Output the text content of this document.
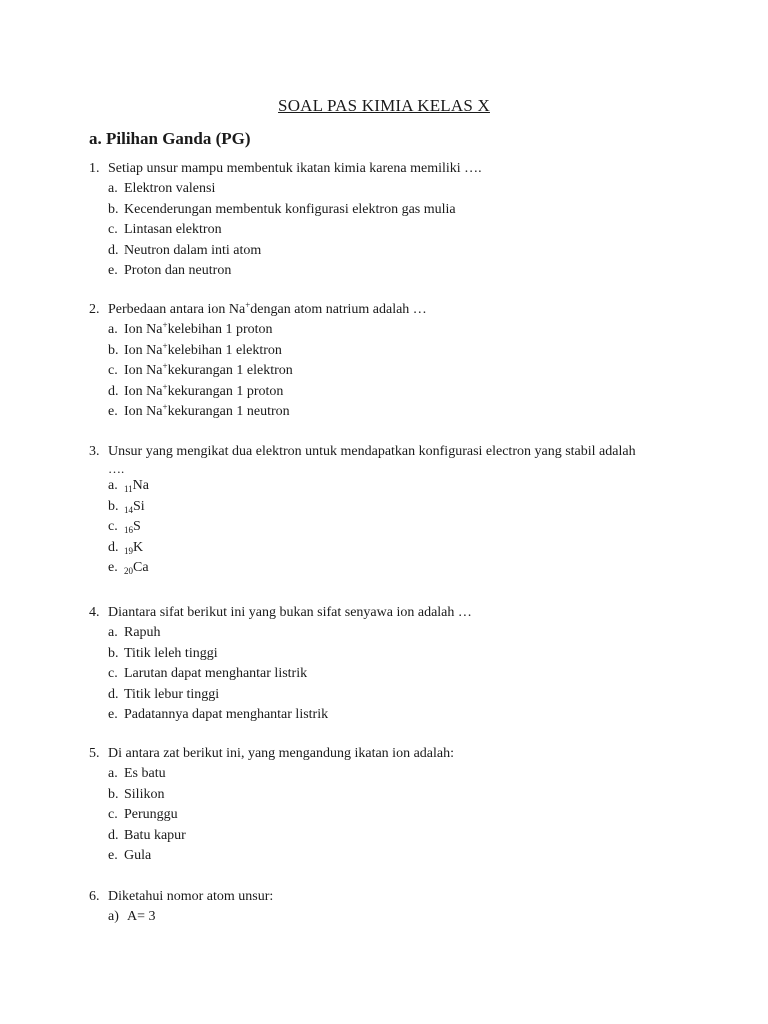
SOAL PAS KIMIA KELAS X
a. Pilihan Ganda (PG)
1. Setiap unsur mampu membentuk ikatan kimia karena memiliki ….
a. Elektron valensi
b. Kecenderungan membentuk konfigurasi elektron gas mulia
c. Lintasan elektron
d. Neutron dalam inti atom
e. Proton dan neutron
2. Perbedaan antara ion Na+dengan atom natrium adalah …
a. Ion Na+kelebihan 1 proton
b. Ion Na+kelebihan 1 elektron
c. Ion Na+kekurangan 1 elektron
d. Ion Na+kekurangan 1 proton
e. Ion Na+kekurangan 1 neutron
3. Unsur yang mengikat dua elektron untuk mendapatkan konfigurasi electron yang stabil adalah
….
a. $_{11}$Na
b. $_{14}$Si
c. $_{16}$S
d. $_{19}$K
e. $_{20}$Ca
4. Diantara sifat berikut ini yang bukan sifat senyawa ion adalah …
a. Rapuh
b. Titik leleh tinggi
c. Larutan dapat menghantar listrik
d. Titik lebur tinggi
e. Padatannya dapat menghantar listrik
5. Di antara zat berikut ini, yang mengandung ikatan ion adalah:
a. Es batu
b. Silikon
c. Perunggu
d. Batu kapur
e. Gula
6. Diketahui nomor atom unsur:
a) A= 3
